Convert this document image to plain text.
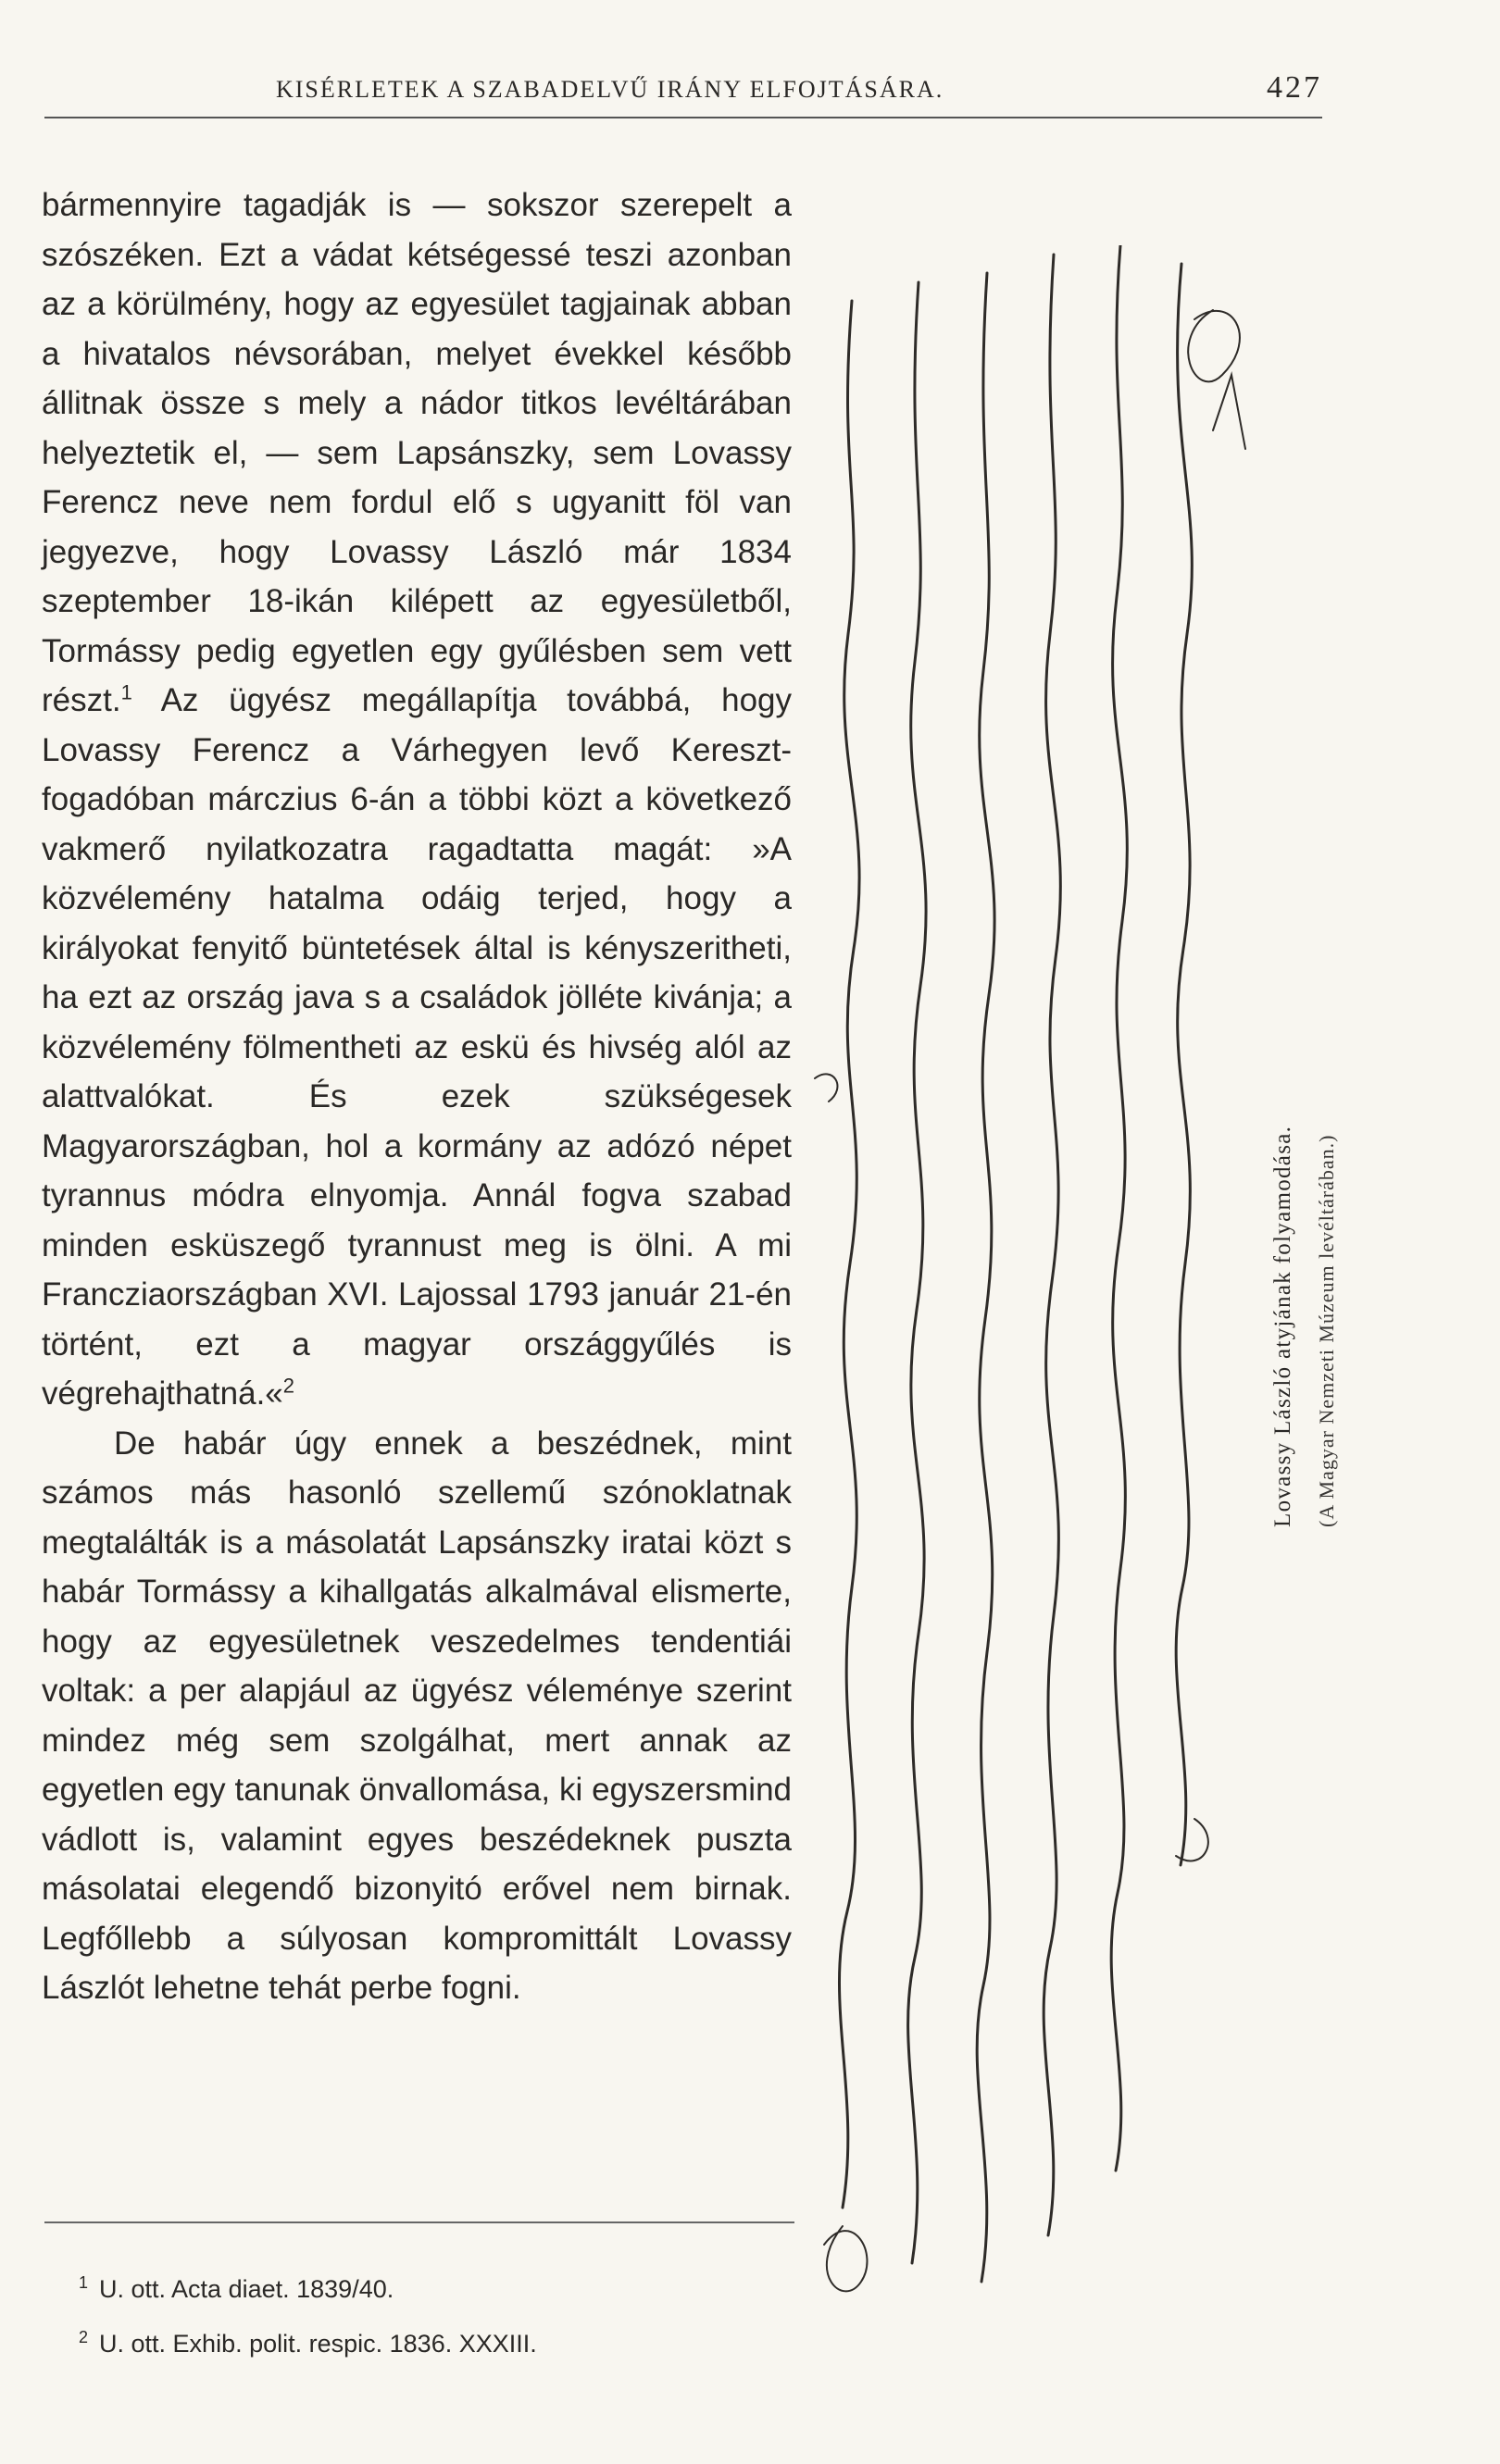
KISÉRLETEK A SZABADELVŰ IRÁNY ELFOJTÁSÁRA.	427

bármennyire tagadják is — sokszor szerepelt a szószéken. Ezt a vádat kétségessé teszi azonban az a körülmény, hogy az egyesület tagjainak abban a hivatalos névsorában, melyet évekkel később állitnak össze s mely a nádor titkos levéltárában helyeztetik el, — sem Lapsánszky, sem Lovassy Ferencz neve nem fordul elő s ugyanitt föl van jegyezve, hogy Lovassy László már 1834 szeptember 18-ikán kilépett az egyesületből, Tormássy pedig egyetlen egy gyűlésben sem vett részt.$^1$ Az ügyész megállapítja továbbá, hogy Lovassy Ferencz a Várhegyen levő Kereszt-fogadóban márczius 6-án a többi közt a következő vakmerő nyilatkozatra ragadtatta magát: »A közvélemény hatalma odáig terjed, hogy a királyokat fenyitő büntetések által is kényszeritheti, ha ezt az ország java s a családok jölléte kivánja; a közvélemény fölmentheti az eskü és hivség alól az alattvalókat. És ezek szükségesek Magyarországban, hol a kormány az adózó népet tyrannus módra elnyomja. Annál fogva szabad minden esküszegő tyrannust meg is ölni. A mi Francziaországban XVI. Lajossal 1793 január 21-én történt, ezt a magyar országgyűlés is végrehajthatná.«$^2$

De habár úgy ennek a beszédnek, mint számos más hasonló szellemű szónoklatnak megtalálták is a másolatát Lapsánszky iratai közt s habár Tormássy a kihallgatás alkalmával elismerte, hogy az egyesületnek veszedelmes tendentiái voltak: a per alapjául az ügyész véleménye szerint mindez még sem szolgálhat, mert annak az egyetlen egy tanunak önvallomása, ki egyszersmind vádlott is, valamint egyes beszédeknek puszta másolatai elegendő bizonyitó erővel nem birnak. Legfőllebb a súlyosan kompromittált Lovassy Lászlót lehetne tehát perbe fogni.

$^1$ U. ott. Acta diaet. 1839/40.
$^2$ U. ott. Exhib. polit. respic. 1836. XXXIII.
Lovassy László atyjának folyamodása. (A Magyar Nemzeti Múzeum levéltárában.)
